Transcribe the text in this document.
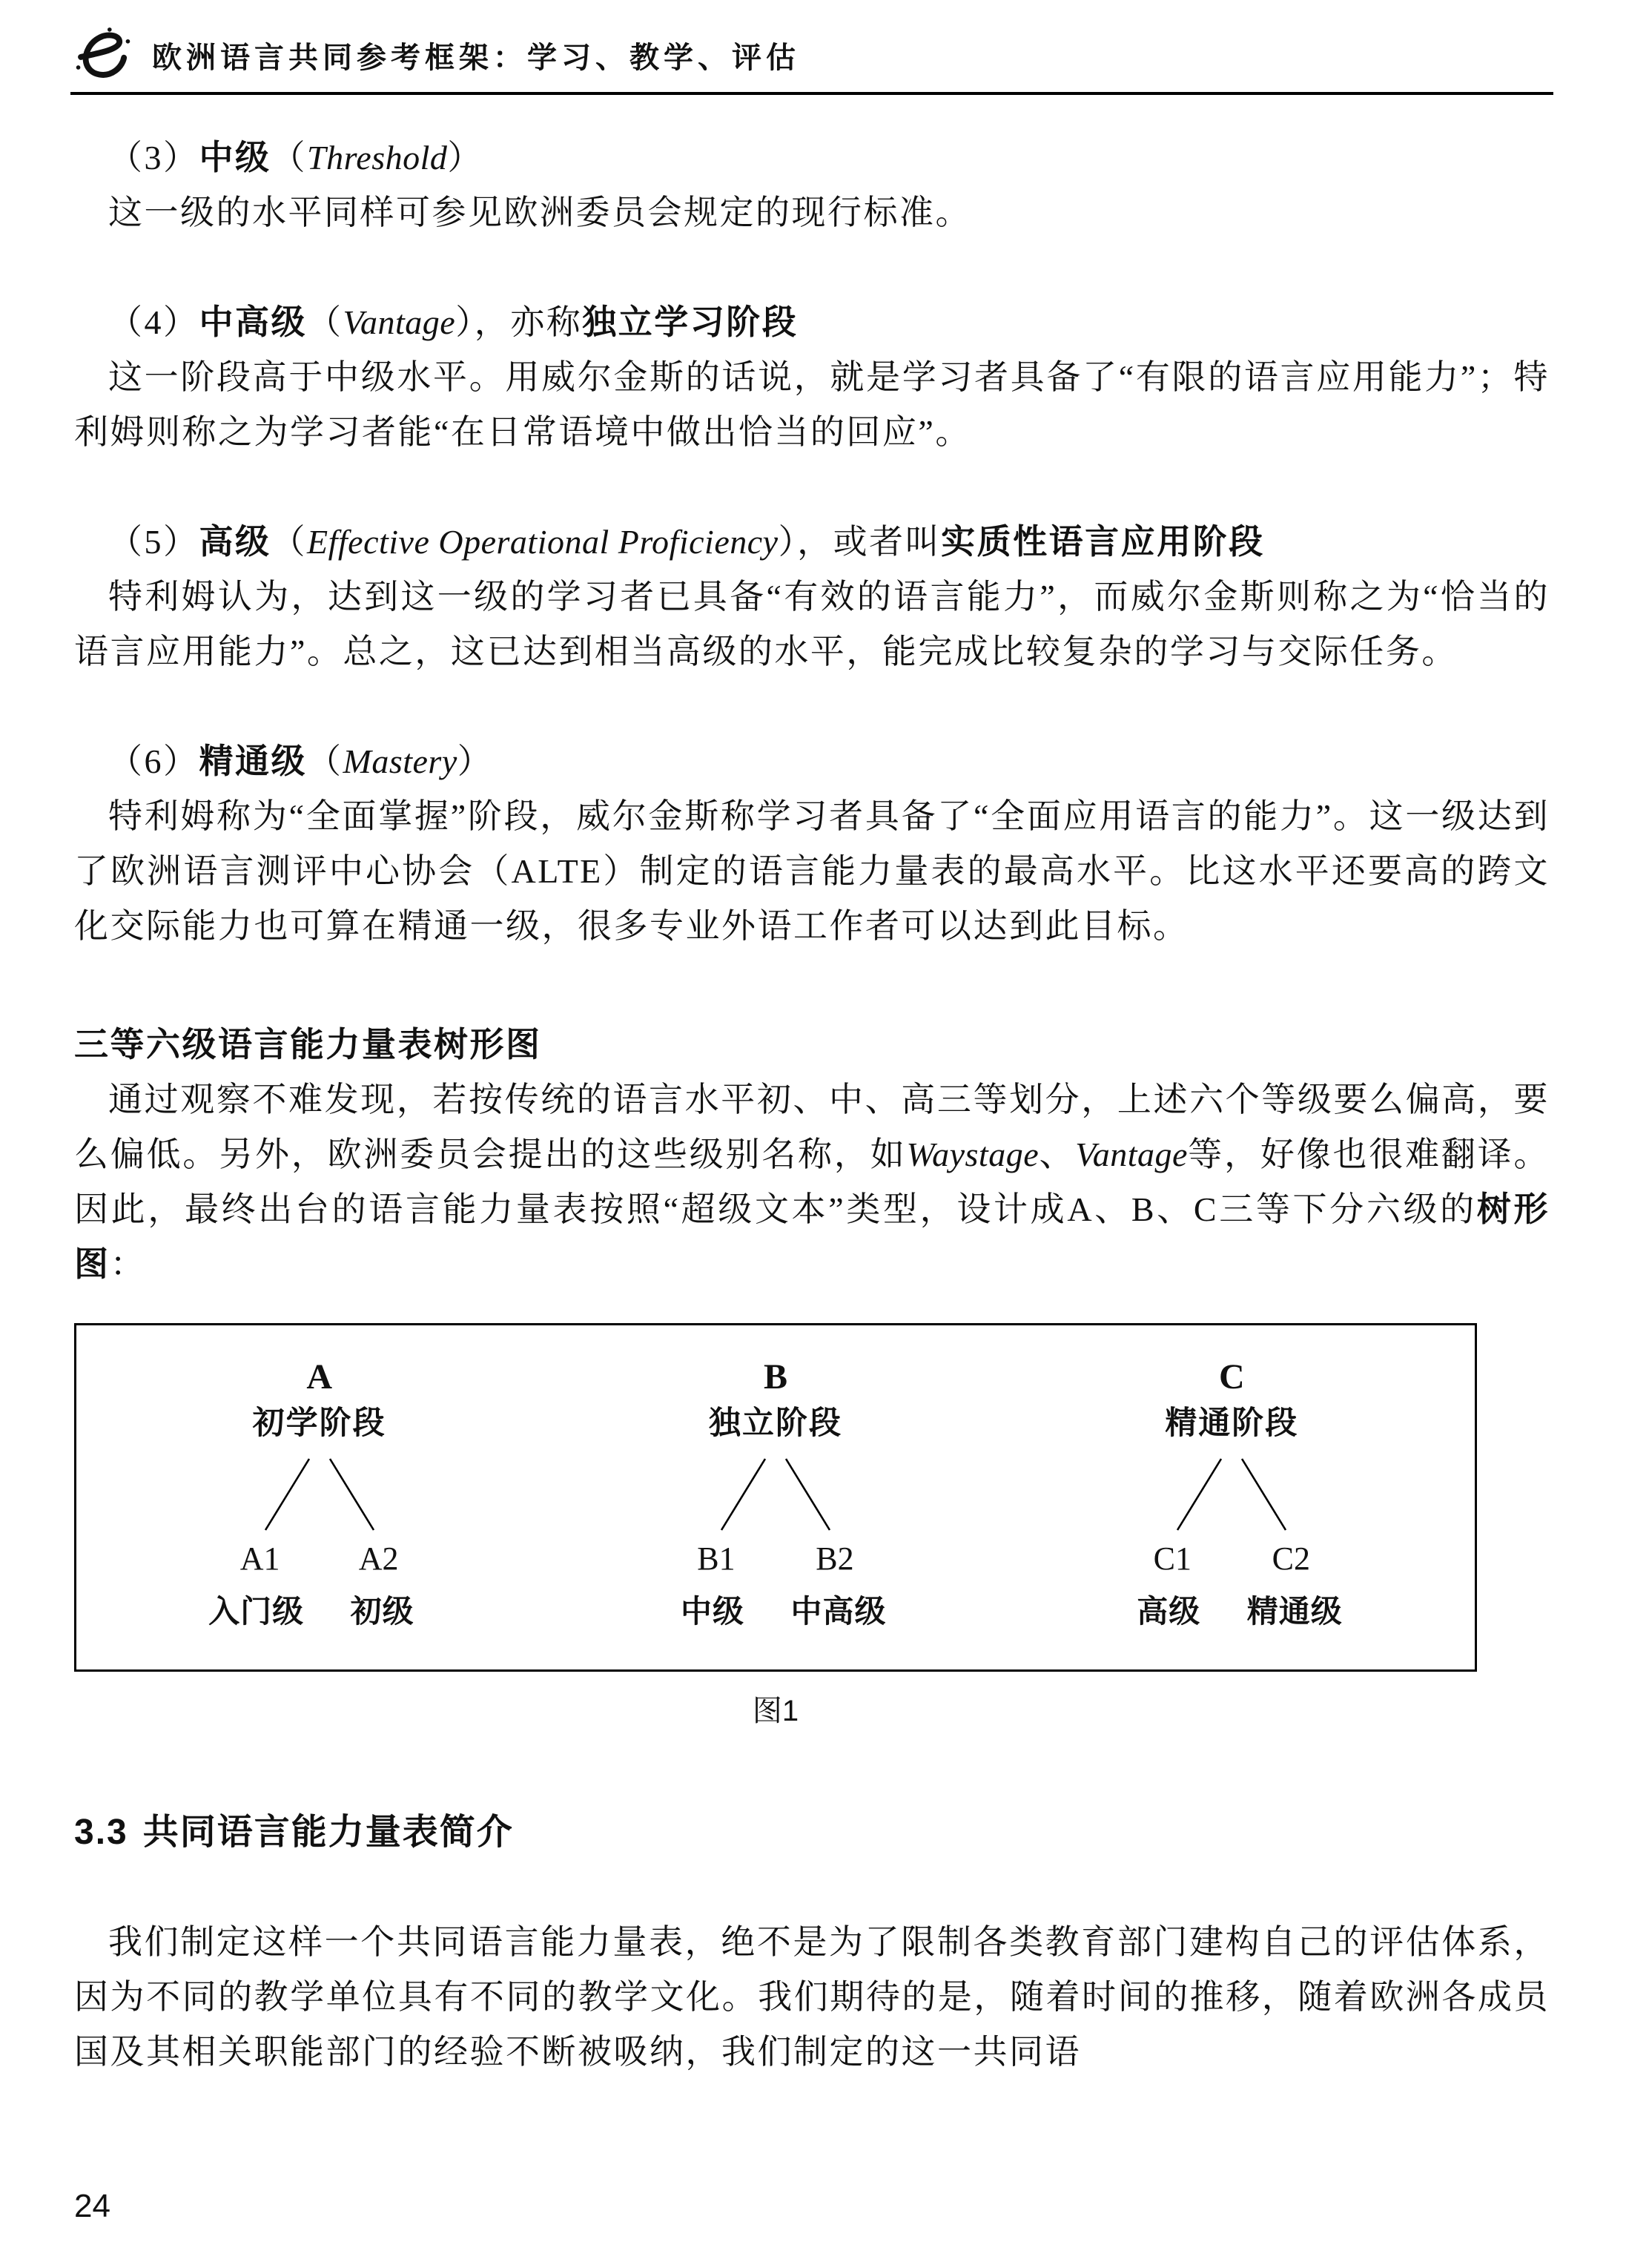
欧洲语言共同参考框架：学习、教学、评估

（3）中级（Threshold）

这一级的水平同样可参见欧洲委员会规定的现行标准。

（4）中高级（Vantage），亦称独立学习阶段

这一阶段高于中级水平。用威尔金斯的话说，就是学习者具备了“有限的语言应用能力”；特利姆则称之为学习者能“在日常语境中做出恰当的回应”。

（5）高级（Effective Operational Proficiency），或者叫实质性语言应用阶段

特利姆认为，达到这一级的学习者已具备“有效的语言能力”，而威尔金斯则称之为“恰当的语言应用能力”。总之，这已达到相当高级的水平，能完成比较复杂的学习与交际任务。

（6）精通级（Mastery）

特利姆称为“全面掌握”阶段，威尔金斯称学习者具备了“全面应用语言的能力”。这一级达到了欧洲语言测评中心协会（ALTE）制定的语言能力量表的最高水平。比这水平还要高的跨文化交际能力也可算在精通一级，很多专业外语工作者可以达到此目标。

三等六级语言能力量表树形图

通过观察不难发现，若按传统的语言水平初、中、高三等划分，上述六个等级要么偏高，要么偏低。另外，欧洲委员会提出的这些级别名称，如Waystage、Vantage等，好像也很难翻译。因此，最终出台的语言能力量表按照“超级文本”类型，设计成A、B、C三等下分六级的树形图：

A
初学阶段
A1	A2
入门级	初级
B
独立阶段
B1	B2
中级	中高级
C
精通阶段
C1	C2
高级	精通级
图1
3.3 共同语言能力量表简介

我们制定这样一个共同语言能力量表，绝不是为了限制各类教育部门建构自己的评估体系，因为不同的教学单位具有不同的教学文化。我们期待的是，随着时间的推移，随着欧洲各成员国及其相关职能部门的经验不断被吸纳，我们制定的这一共同语

24
